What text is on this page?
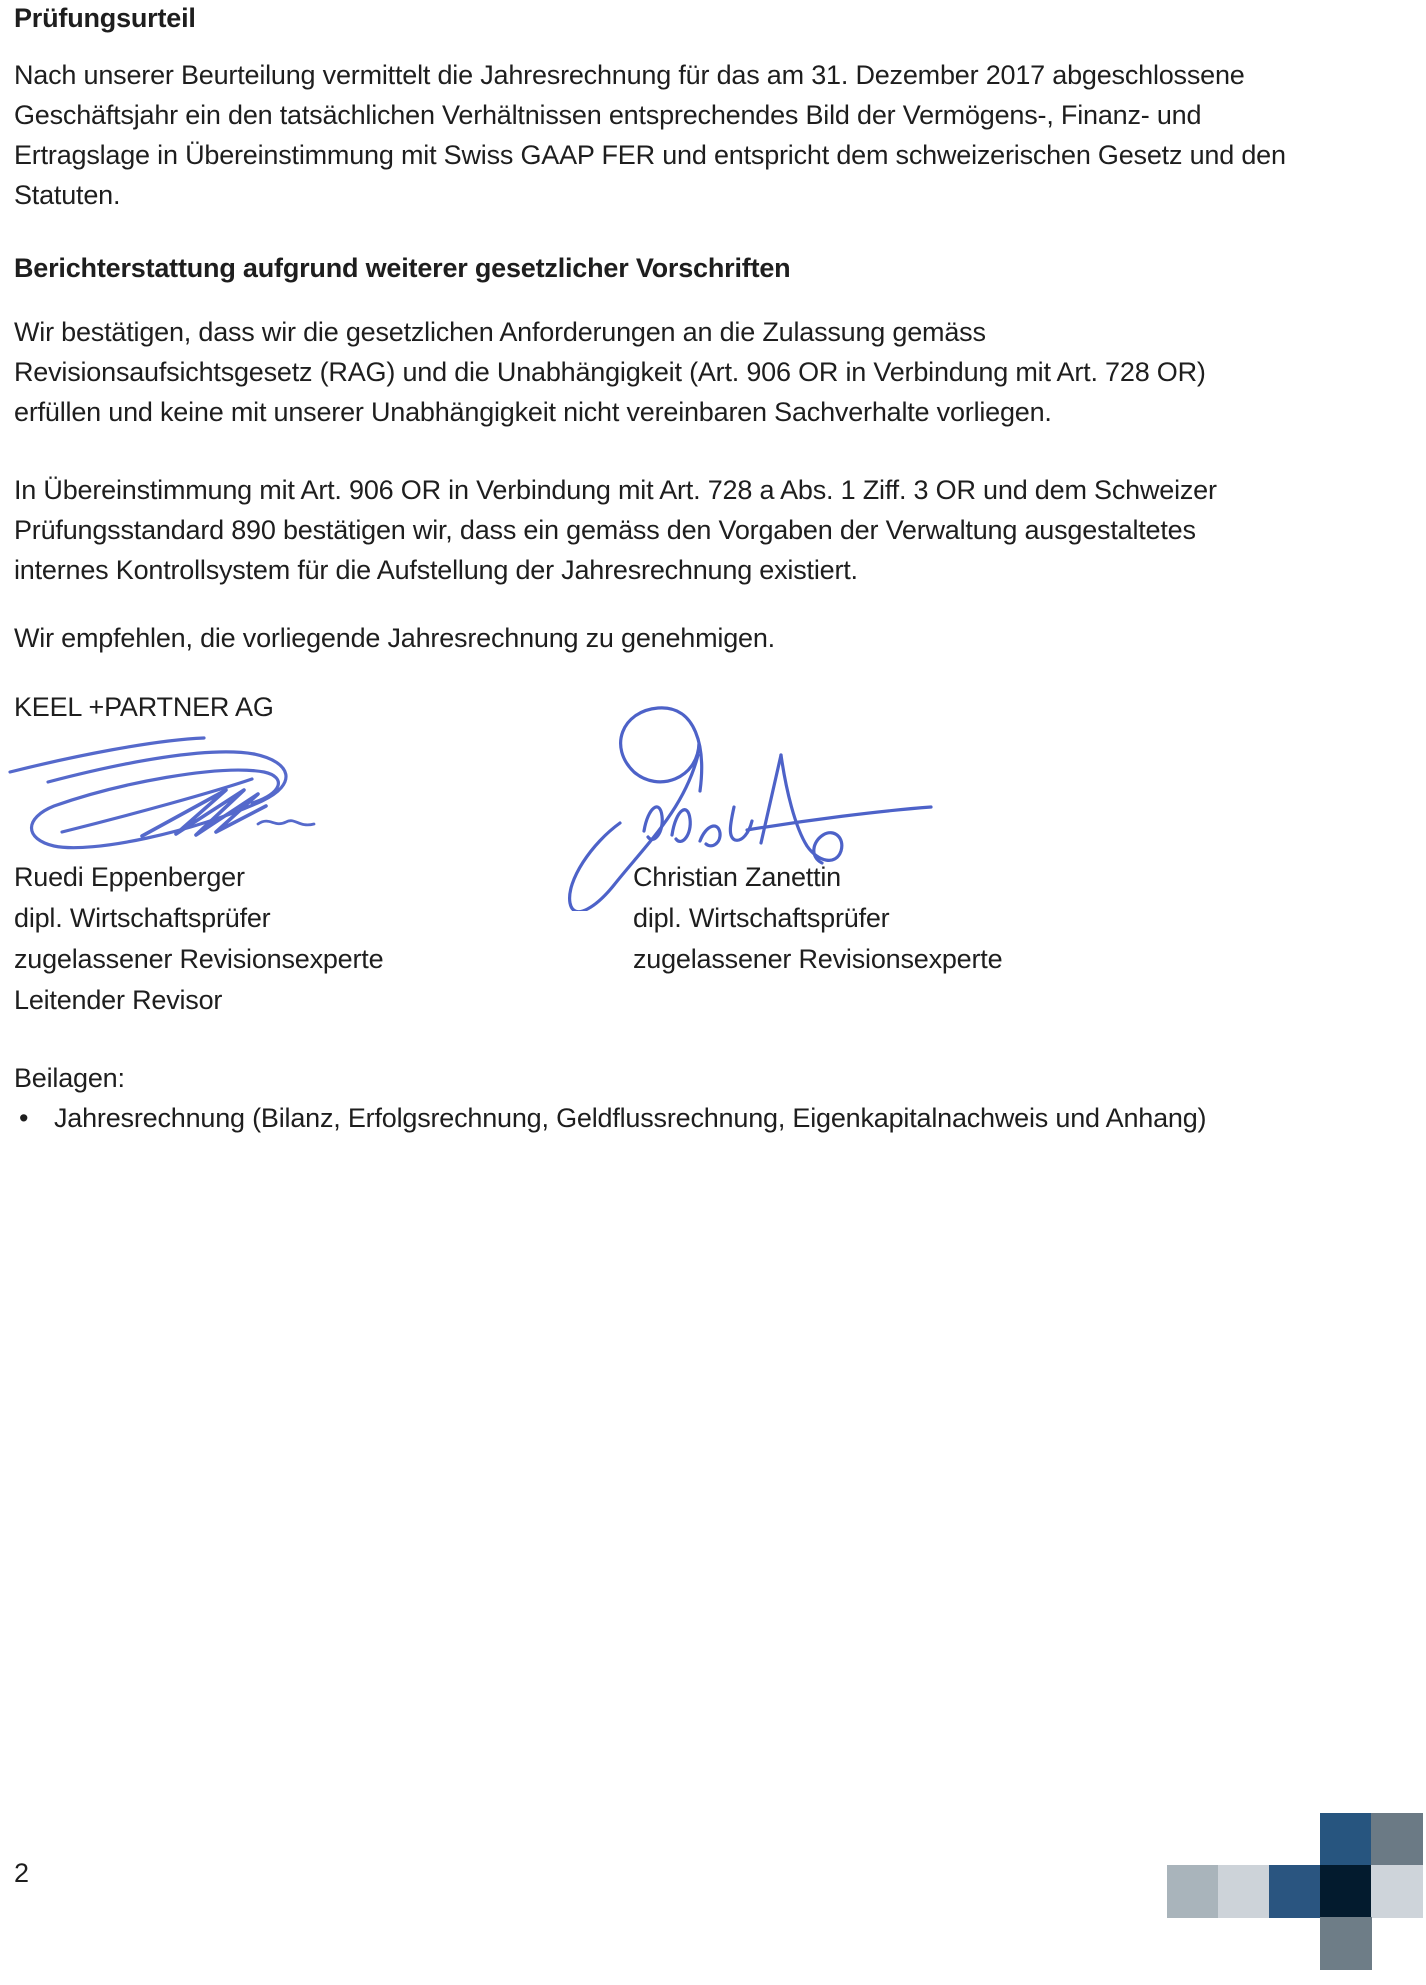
Prüfungsurteil
Nach unserer Beurteilung vermittelt die Jahresrechnung für das am 31. Dezember 2017 abgeschlossene
Geschäftsjahr ein den tatsächlichen Verhältnissen entsprechendes Bild der Vermögens-, Finanz- und
Ertragslage in Übereinstimmung mit Swiss GAAP FER und entspricht dem schweizerischen Gesetz und den
Statuten.
Berichterstattung aufgrund weiterer gesetzlicher Vorschriften
Wir bestätigen, dass wir die gesetzlichen Anforderungen an die Zulassung gemäss
Revisionsaufsichtsgesetz (RAG) und die Unabhängigkeit (Art. 906 OR in Verbindung mit Art. 728 OR)
erfüllen und keine mit unserer Unabhängigkeit nicht vereinbaren Sachverhalte vorliegen.
In Übereinstimmung mit Art. 906 OR in Verbindung mit Art. 728 a Abs. 1 Ziff. 3 OR und dem Schweizer
Prüfungsstandard 890 bestätigen wir, dass ein gemäss den Vorgaben der Verwaltung ausgestaltetes
internes Kontrollsystem für die Aufstellung der Jahresrechnung existiert.
Wir empfehlen, die vorliegende Jahresrechnung zu genehmigen.
KEEL +PARTNER AG
Ruedi Eppenberger
dipl. Wirtschaftsprüfer
zugelassener Revisionsexperte
Leitender Revisor
Christian Zanettin
dipl. Wirtschaftsprüfer
zugelassener Revisionsexperte
Beilagen:
• Jahresrechnung (Bilanz, Erfolgsrechnung, Geldflussrechnung, Eigenkapitalnachweis und Anhang)
2
